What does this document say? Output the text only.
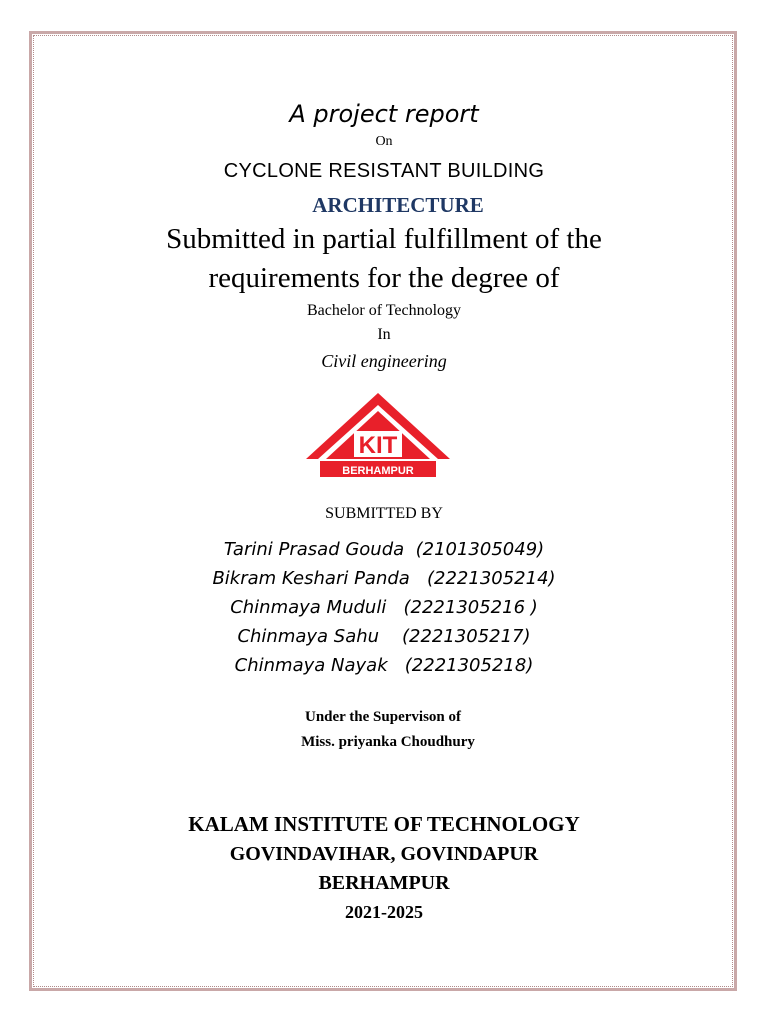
A project report
On
CYCLONE RESISTANT BUILDING
ARCHITECTURE
Submitted in partial fulfillment of the
requirements for the degree of
Bachelor of Technology
In
Civil engineering
KIT
BERHAMPUR
SUBMITTED BY
Tarini Prasad Gouda  (2101305049)
Bikram Keshari Panda   (2221305214)
Chinmaya Muduli   (2221305216 )
Chinmaya Sahu    (2221305217)
Chinmaya Nayak   (2221305218)
Under the Supervison of
Miss. priyanka Choudhury
KALAM INSTITUTE OF TECHNOLOGY
GOVINDAVIHAR, GOVINDAPUR
BERHAMPUR
2021-2025
